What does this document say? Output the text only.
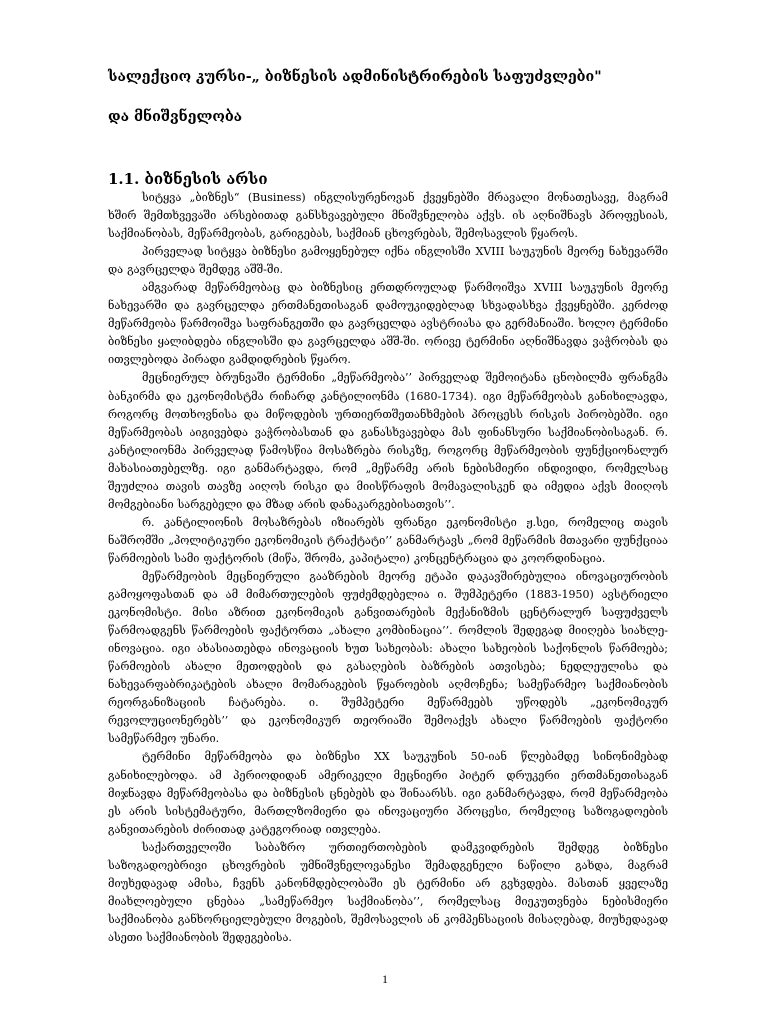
სალექციო კურსი-„ ბიზნესის ადმინისტრირების საფუძვლები"
და მნიშვნელობა
1.1. ბიზნესის არსი

სიტყვა „ბიზნეს“ (Business) ინგლისურენოვან ქვეყნებში მრავალი მონათესავე, მაგრამ ხშირ შემთხვევაში არსებითად განსხვავებული მნიშვნელობა აქვს. ის აღნიშნავს პროფესიას, საქმიანობას, მეწარმეობას, გარიგებას, საქმიან ცხოვრებას, შემოსავლის წყაროს.

პირველად სიტყვა ბიზნესი გამოყენებულ იქნა ინგლისში XVIII საუკუნის მეორე ნახევარში და გავრცელდა შემდეგ აშშ-ში.

ამგვარად მეწარმეობაც და ბიზნესიც ერთდროულად წარმოიშვა XVIII საუკუნის მეორე ნახევარში და გავრცელდა ერთმანეთისაგან დამოუკიდებლად სხვადასხვა ქვეყნებში. კერძოდ მეწარმეობა წარმოიშვა საფრანგეთში და გავრცელდა ავსტრიასა და გერმანიაში. ხოლო ტერმინი ბიზნესი ყალიბდება ინგლისში და გავრცელდა აშშ-ში. ორივე ტერმინი აღნიშნავდა ვაჭრობას და ითვლებოდა პირადი გამდიდრების წყარო.

მეცნიერულ ბრუნვაში ტერმინი „მეწარმეობა’’ პირველად შემოიტანა ცნობილმა ფრანგმა ბანკირმა და ეკონომისტმა რიჩარდ კანტილიონმა (1680-1734). იგი მეწარმეობას განიხილავდა, როგორც მოთხოვნისა და მიწოდების ურთიერთშეთანხმების პროცესს რისკის პირობებში. იგი მეწარმეობას აიგივებდა ვაჭრობასთან და განასხვავებდა მას ფინანსური საქმიანობისაგან. რ. კანტილიონმა პირველად წამოსწია მოსაზრება რისკზე, როგორც მეწარმეობის ფუნქციონალურ მახასიათებელზე. იგი განმარტავდა, რომ „მეწარმე არის ნებისმიერი ინდივიდი, რომელსაც შეუძლია თავის თავზე აიღოს რისკი და მიისწრაფის მომავალისკენ და იმედია აქვს მიიღოს მომგებიანი სარგებელი და მზად არის დანაკარგებისათვის’’.

რ. კანტილიონის მოსაზრებას იზიარებს ფრანგი ეკონომისტი ჟ.სეი, რომელიც თავის ნაშრომში „პოლიტიკური ეკონომიკის ტრაქტატი’’ განმარტავს „რომ მეწარმის მთავარი ფუნქციაა წარმოების სამი ფაქტორის (მიწა, შრომა, კაპიტალი) კონცენტრაცია და კოორდინაცია.

მეწარმეობის მეცნიერული გააზრების მეორე ეტაპი დაკავშირებულია ინოვაციურობის გამოყოფასთან და ამ მიმართულების ფუძემდებელია ი. შუმპეტერი (1883-1950) ავსტრიელი ეკონომისტი. მისი აზრით ეკონომიკის განვითარების მექანიზმის ცენტრალურ საფუძველს წარმოადგენს წარმოების ფაქტორთა „ახალი კომბინაცია’’. რომლის შედეგად მიიღება სიახლე-ინოვაცია. იგი ახასიათებდა ინოვაციის ხუთ სახეობას: ახალი სახეობის საქონლის წარმოება; წარმოების ახალი მეთოდების და გასაღების ბაზრების ათვისება; ნედლეულისა და ნახევარფაბრიკატების ახალი მომარაგების წყაროების აღმოჩენა; სამეწარმეო საქმიანობის რეორგანიზაციის ჩატარება. ი. შუმპეტერი მეწარმეებს უწოდებს „ეკონომიკურ რევოლუციონერებს’’ და ეკონომიკურ თეორიაში შემოაქვს ახალი წარმოების ფაქტორი სამეწარმეო უნარი.

ტერმინი მეწარმეობა და ბიზნესი XX საუკუნის 50-იან წლებამდე სინონიმებად განიხილებოდა. ამ პერიოდიდან ამერიკელი მეცნიერი პიტერ დრუკერი ერთმანეთისაგან მიჯნავდა მეწარმეობასა და ბიზნესის ცნებებს და შინაარსს. იგი განმარტავდა, რომ მეწარმეობა ეს არის სისტემატური, მართლზომიერი და ინოვაციური პროცესი, რომელიც საზოგადოების განვითარების ძირითად კატეგორიად ითვლება.

საქართველოში საბაზრო ურთიერთობების დამკვიდრების შემდეგ ბიზნესი საზოგადოებრივი ცხოვრების უმნიშვნელოვანესი შემადგენელი ნაწილი გახდა, მაგრამ მიუხედავად ამისა, ჩვენს კანონმდებლობაში ეს ტერმინი არ გვხვდება. მასთან ყველაზე მიახლოებული ცნებაა „სამეწარმეო საქმიანობა’’, რომელსაც მიეკუთვნება ნებისმიერი საქმიანობა განხორციელებული მოგების, შემოსავლის ან კომპენსაციის მისაღებად, მიუხედავად ასეთი საქმიანობის შედეგებისა.

1
